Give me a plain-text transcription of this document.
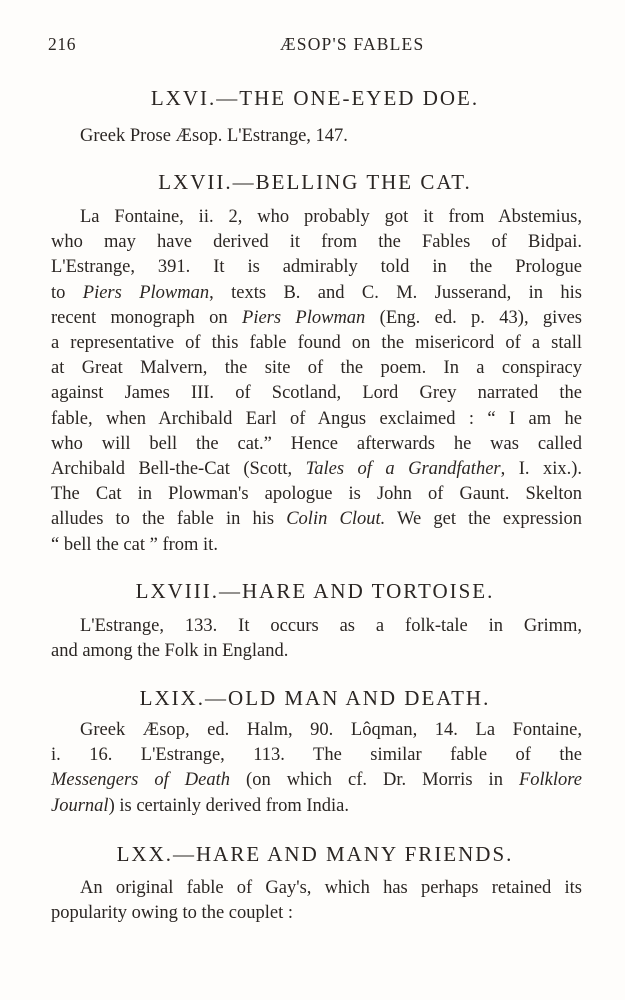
216	ÆSOP'S FABLES
LXVI.—THE ONE-EYED DOE.
Greek Prose Æsop. L'Estrange, 147.
LXVII.—BELLING THE CAT.
La Fontaine, ii. 2, who probably got it from Abstemius,
who may have derived it from the Fables of Bidpai.
L'Estrange, 391. It is admirably told in the Prologue
to Piers Plowman, texts B. and C. M. Jusserand, in his
recent monograph on Piers Plowman (Eng. ed. p. 43), gives
a representative of this fable found on the misericord of a stall
at Great Malvern, the site of the poem. In a conspiracy
against James III. of Scotland, Lord Grey narrated the
fable, when Archibald Earl of Angus exclaimed : “ I am he
who will bell the cat.” Hence afterwards he was called
Archibald Bell-the-Cat (Scott, Tales of a Grandfather, I. xix.).
The Cat in Plowman's apologue is John of Gaunt. Skelton
alludes to the fable in his Colin Clout. We get the expression
“ bell the cat ” from it.
LXVIII.—HARE AND TORTOISE.
L'Estrange, 133. It occurs as a folk-tale in Grimm,
and among the Folk in England.
LXIX.—OLD MAN AND DEATH.
Greek Æsop, ed. Halm, 90. Lôqman, 14. La Fontaine,
i. 16. L'Estrange, 113. The similar fable of the
Messengers of Death (on which cf. Dr. Morris in Folklore
Journal) is certainly derived from India.
LXX.—HARE AND MANY FRIENDS.
An original fable of Gay's, which has perhaps retained its
popularity owing to the couplet :
